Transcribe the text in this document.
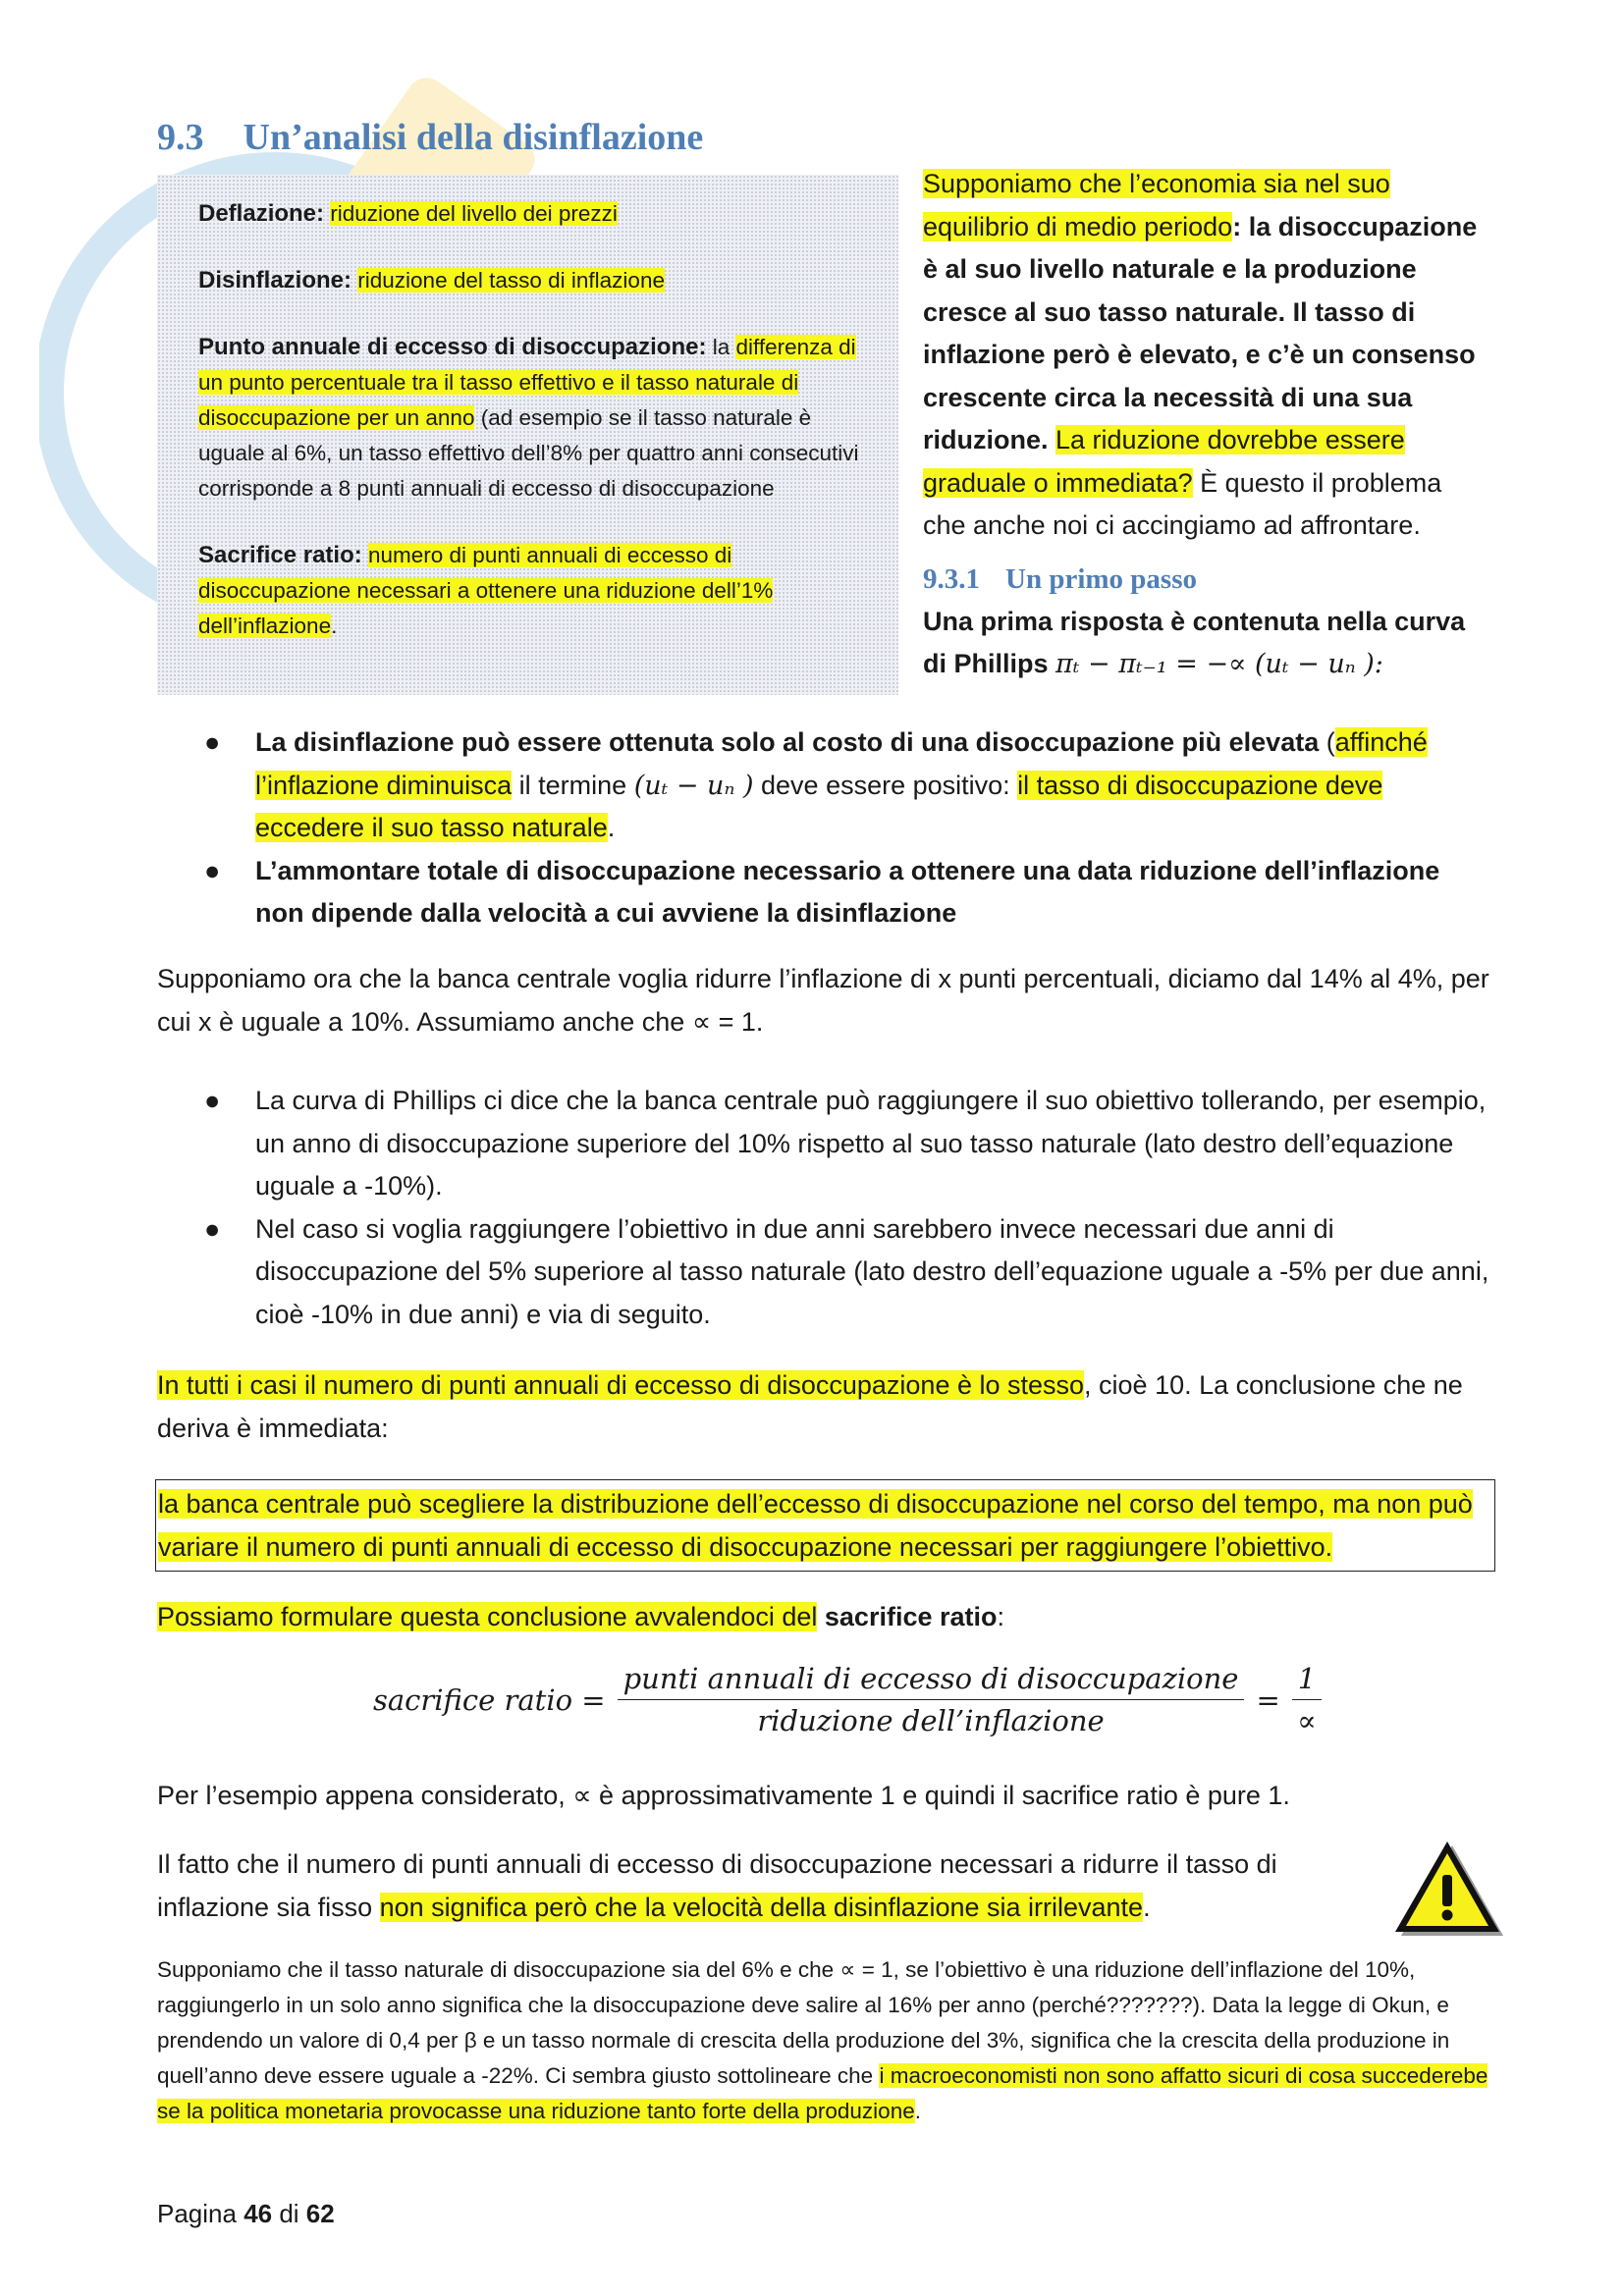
9.3 Un’analisi della disinflazione

Deflazione: riduzione del livello dei prezzi

Disinflazione: riduzione del tasso di inflazione

Punto annuale di eccesso di disoccupazione: la differenza di un punto percentuale tra il tasso effettivo e il tasso naturale di disoccupazione per un anno (ad esempio se il tasso naturale è uguale al 6%, un tasso effettivo dell’8% per quattro anni consecutivi corrisponde a 8 punti annuali di eccesso di disoccupazione

Sacrifice ratio: numero di punti annuali di eccesso di disoccupazione necessari a ottenere una riduzione dell’1% dell’inflazione.

Supponiamo che l’economia sia nel suo equilibrio di medio periodo: la disoccupazione è al suo livello naturale e la produzione cresce al suo tasso naturale. Il tasso di inflazione però è elevato, e c’è un consenso crescente circa la necessità di una sua riduzione. La riduzione dovrebbe essere graduale o immediata? È questo il problema che anche noi ci accingiamo ad affrontare.

9.3.1 Un primo passo

Una prima risposta è contenuta nella curva di Phillips πₜ − πₜ₋₁ = −∝ (uₜ − uₙ ):

● La disinflazione può essere ottenuta solo al costo di una disoccupazione più elevata (affinché l’inflazione diminuisca il termine (uₜ − uₙ ) deve essere positivo: il tasso di disoccupazione deve eccedere il suo tasso naturale.
● L’ammontare totale di disoccupazione necessario a ottenere una data riduzione dell’inflazione non dipende dalla velocità a cui avviene la disinflazione

Supponiamo ora che la banca centrale voglia ridurre l’inflazione di x punti percentuali, diciamo dal 14% al 4%, per cui x è uguale a 10%. Assumiamo anche che ∝ = 1.

● La curva di Phillips ci dice che la banca centrale può raggiungere il suo obiettivo tollerando, per esempio, un anno di disoccupazione superiore del 10% rispetto al suo tasso naturale (lato destro dell’equazione uguale a -10%).
● Nel caso si voglia raggiungere l’obiettivo in due anni sarebbero invece necessari due anni di disoccupazione del 5% superiore al tasso naturale (lato destro dell’equazione uguale a -5% per due anni, cioè -10% in due anni) e via di seguito.

In tutti i casi il numero di punti annuali di eccesso di disoccupazione è lo stesso, cioè 10. La conclusione che ne deriva è immediata:

la banca centrale può scegliere la distribuzione dell’eccesso di disoccupazione nel corso del tempo, ma non può variare il numero di punti annuali di eccesso di disoccupazione necessari per raggiungere l’obiettivo.

Possiamo formulare questa conclusione avvalendoci del sacrifice ratio:

sacrifice ratio = $\frac{\text{punti annuali di eccesso di disoccupazione}}{\text{riduzione dell’inflazione}} = \frac{1}{\propto}$

Per l’esempio appena considerato, ∝ è approssimativamente 1 e quindi il sacrifice ratio è pure 1.

Il fatto che il numero di punti annuali di eccesso di disoccupazione necessari a ridurre il tasso di inflazione sia fisso non significa però che la velocità della disinflazione sia irrilevante.

Supponiamo che il tasso naturale di disoccupazione sia del 6% e che ∝ = 1, se l’obiettivo è una riduzione dell’inflazione del 10%, raggiungerlo in un solo anno significa che la disoccupazione deve salire al 16% per anno (perché???????). Data la legge di Okun, e prendendo un valore di 0,4 per β e un tasso normale di crescita della produzione del 3%, significa che la crescita della produzione in quell’anno deve essere uguale a -22%. Ci sembra giusto sottolineare che i macroeconomisti non sono affatto sicuri di cosa succederebe se la politica monetaria provocasse una riduzione tanto forte della produzione.
Pagina 46 di 62
